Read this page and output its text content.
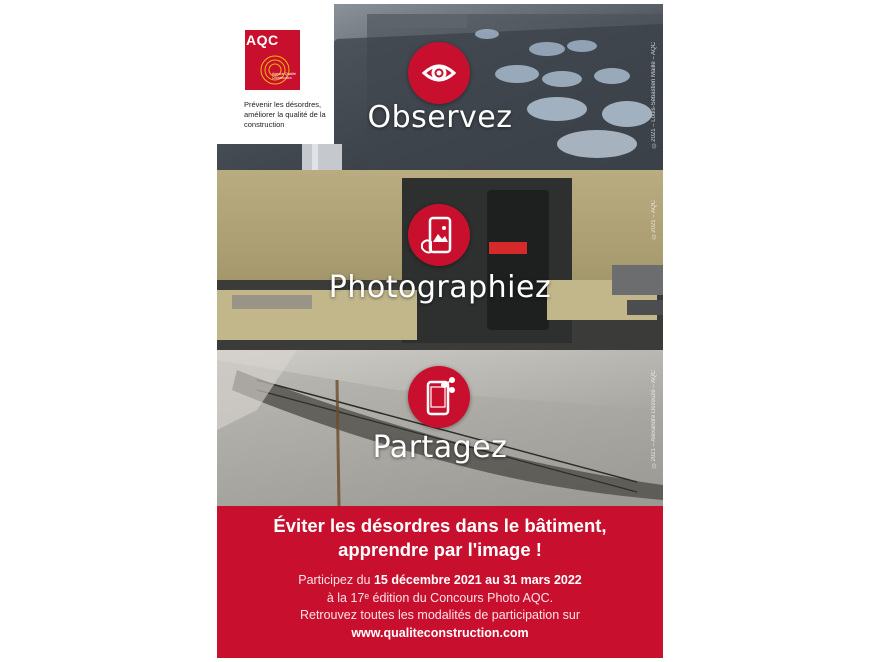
AQC
Agence Qualité Construction
Prévenir les désordres, améliorer la qualité de la construction	Observez	©2021 – Louis-Sébastien Maillé – AQC
Photographiez
©2021 – AQC
Partagez	©2021 – Alexandre Dezeuze – AQC
Éviter les désordres dans le bâtiment,
apprendre par l'image !
Participez du 15 décembre 2021 au 31 mars 2022
à la 17ᵉ édition du Concours Photo AQC.
Retrouvez toutes les modalités de participation sur
www.qualiteconstruction.com
